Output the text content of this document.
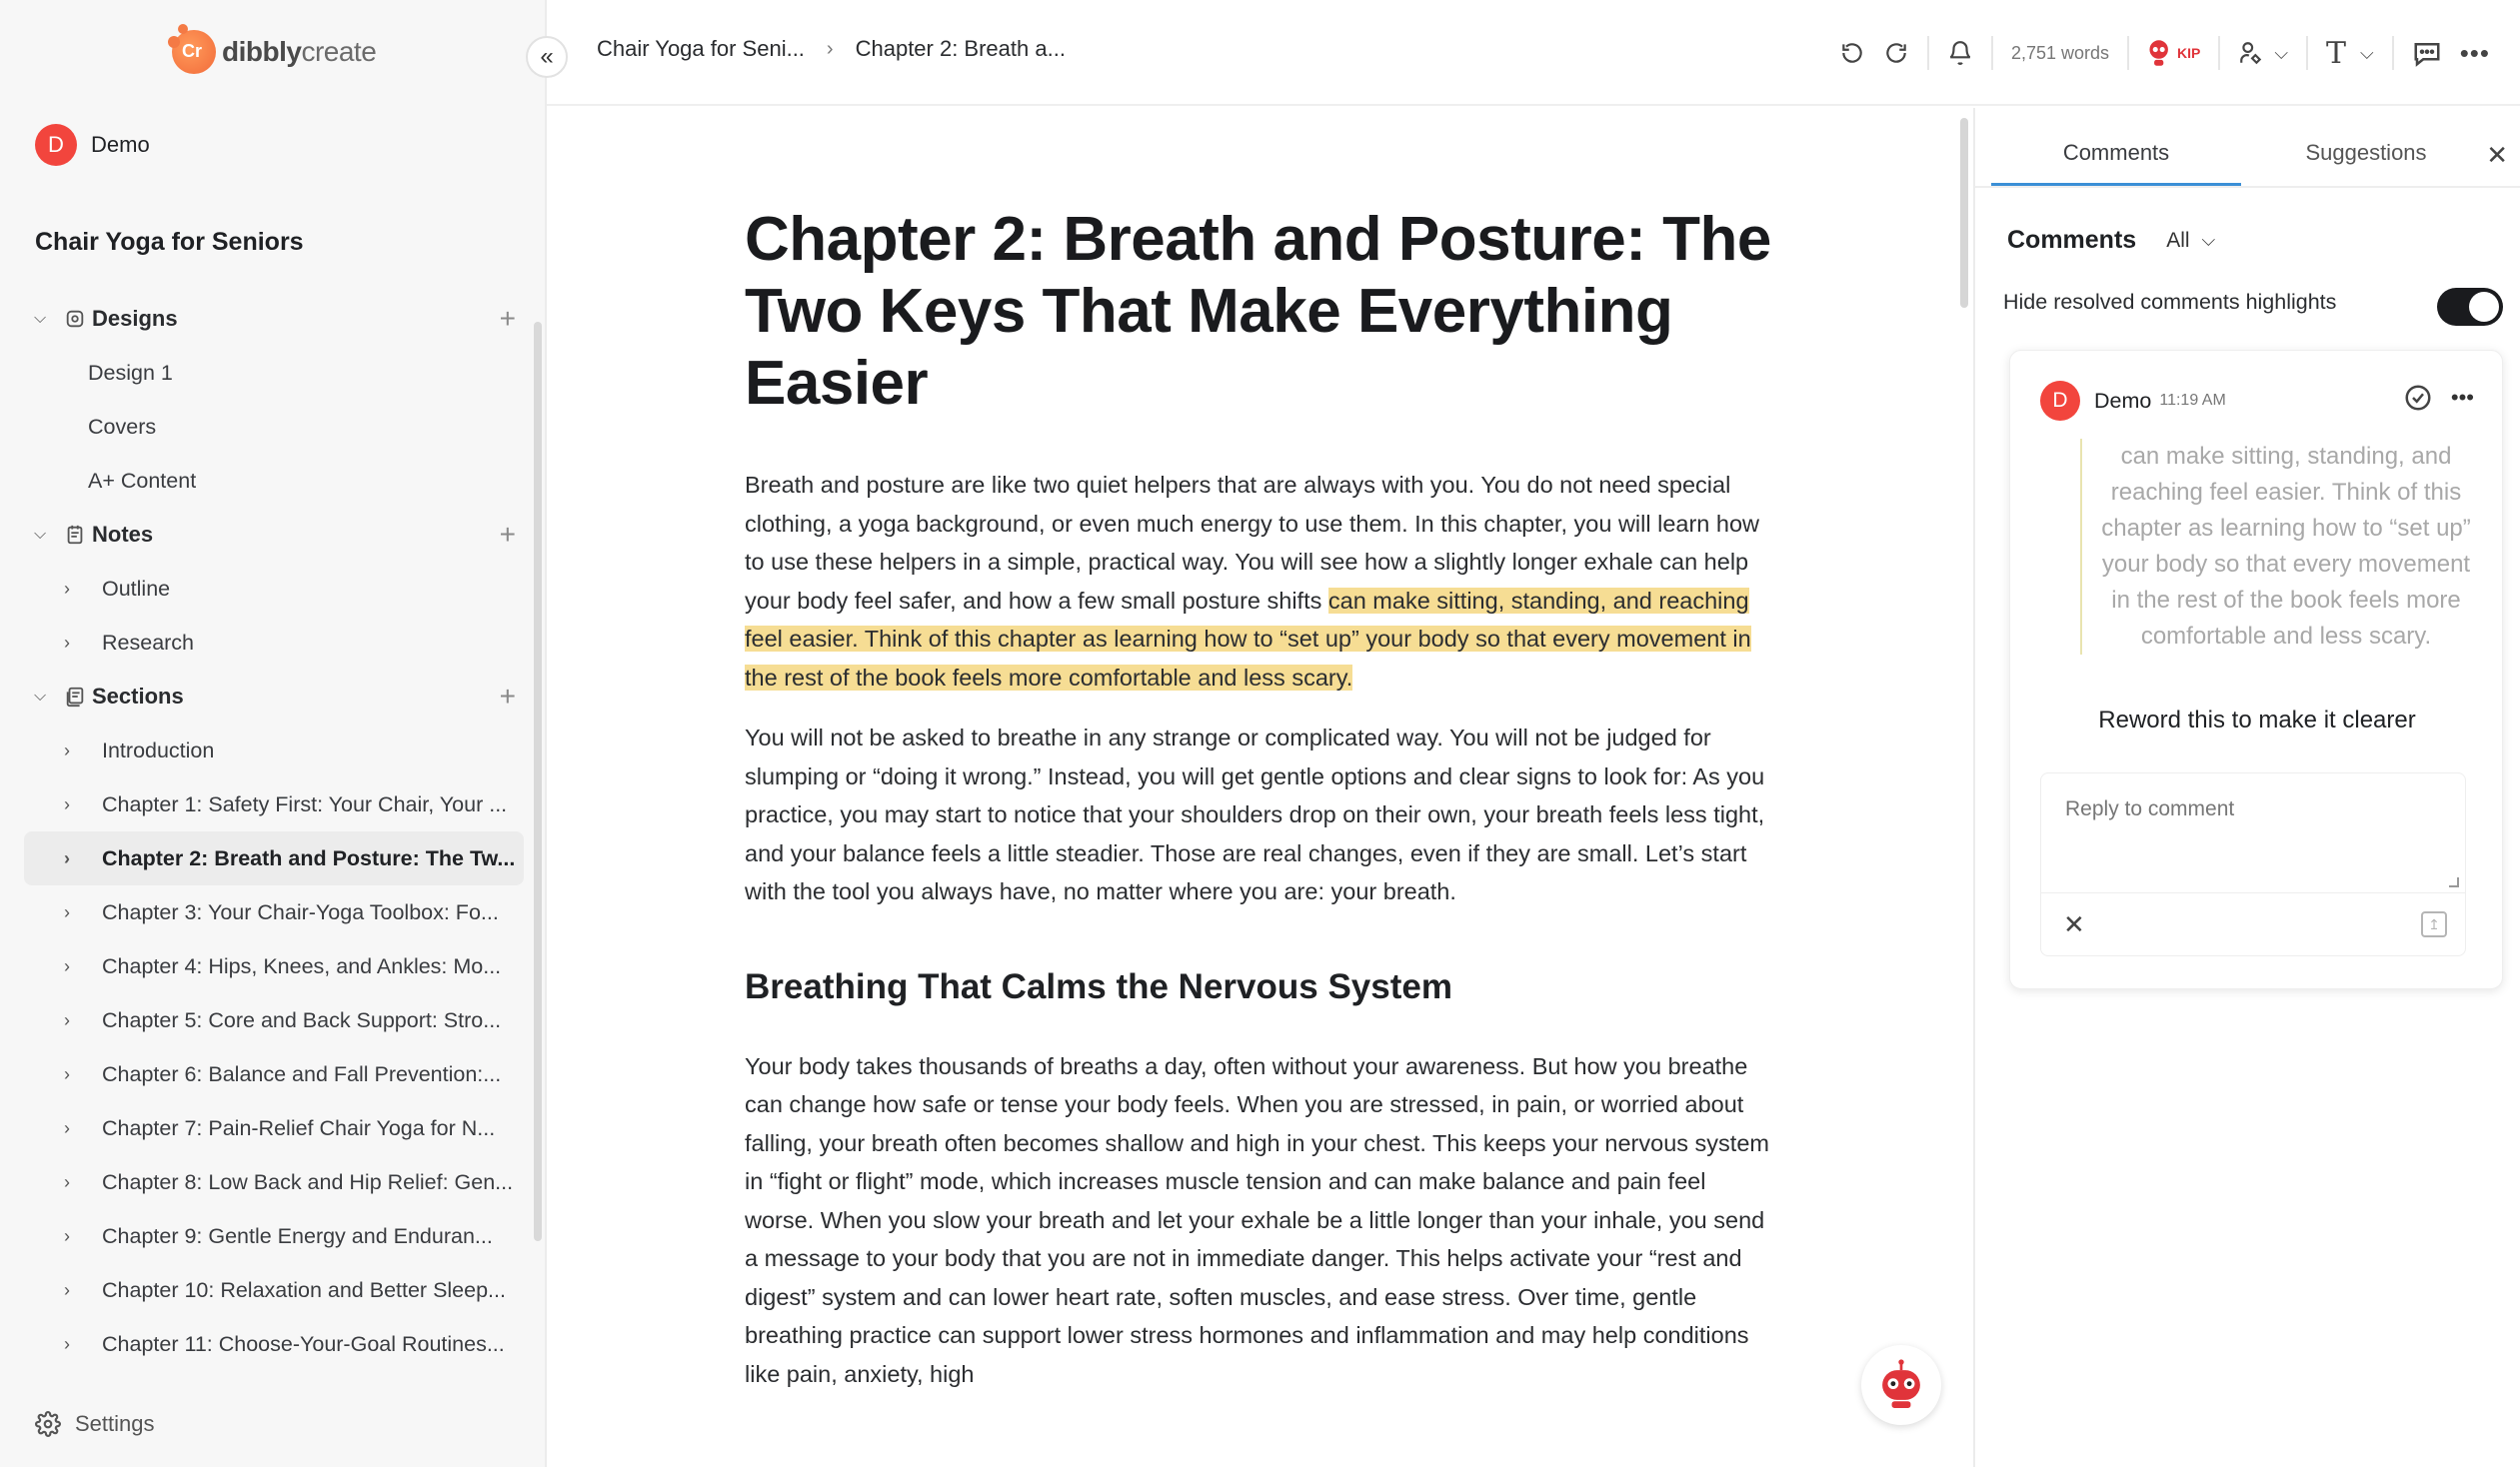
Cr
dibblycreate
D	Demo
Chair Yoga for Seniors
⌵	Designs	+
Design 1
Covers
A+ Content
⌵	Notes	+
›	Outline
›	Research
⌵	Sections	+
›	Introduction
›	Chapter 1: Safety First: Your Chair, Your ...
›	Chapter 2: Breath and Posture: The Tw...
›	Chapter 3: Your Chair-Yoga Toolbox: Fo...
›	Chapter 4: Hips, Knees, and Ankles: Mo...
›	Chapter 5: Core and Back Support: Stro...
›	Chapter 6: Balance and Fall Prevention:...
›	Chapter 7: Pain-Relief Chair Yoga for N...
›	Chapter 8: Low Back and Hip Relief: Gen...
›	Chapter 9: Gentle Energy and Enduran...
›	Chapter 10: Relaxation and Better Sleep...
›	Chapter 11: Choose-Your-Goal Routines...
Settings
« Chair Yoga for Seni... › Chapter 2: Breath a...	2,751 words	KIP	⌵ T ⌵	•••
Chapter 2: Breath and Posture: The Two Keys That Make Everything Easier

Breath and posture are like two quiet helpers that are always with you. You do not need special clothing, a yoga background, or even much energy to use them. In this chapter, you will learn how to use these helpers in a simple, practical way. You will see how a slightly longer exhale can help your body feel safer, and how a few small posture shifts can make sitting, standing, and reaching feel easier. Think of this chapter as learning how to “set up” your body so that every movement in the rest of the book feels more comfortable and less scary.

You will not be asked to breathe in any strange or complicated way. You will not be judged for slumping or “doing it wrong.” Instead, you will get gentle options and clear signs to look for: As you practice, you may start to notice that your shoulders drop on their own, your breath feels less tight, and your balance feels a little steadier. Those are real changes, even if they are small. Let’s start with the tool you always have, no matter where you are: your breath.

Breathing That Calms the Nervous System

Your body takes thousands of breaths a day, often without your awareness. But how you breathe can change how safe or tense your body feels. When you are stressed, in pain, or worried about falling, your breath often becomes shallow and high in your chest. This keeps your nervous system in “fight or flight” mode, which increases muscle tension and can make balance and pain feel worse. When you slow your breath and let your exhale be a little longer than your inhale, you send a message to your body that you are not in immediate danger. This helps activate your “rest and digest” system and can lower heart rate, soften muscles, and ease stress. Over time, gentle breathing practice can support lower stress hormones and inflammation and may help conditions like pain, anxiety, high

Comments	Suggestions	✕
Comments All ⌵
Hide resolved comments highlights
D	Demo 11:19 AM	•••
can make sitting, standing, and reaching feel easier. Think of this chapter as learning how to “set up” your body so that every movement in the rest of the book feels more comfortable and less scary.
Reword this to make it clearer
Reply to comment
✕	↥
